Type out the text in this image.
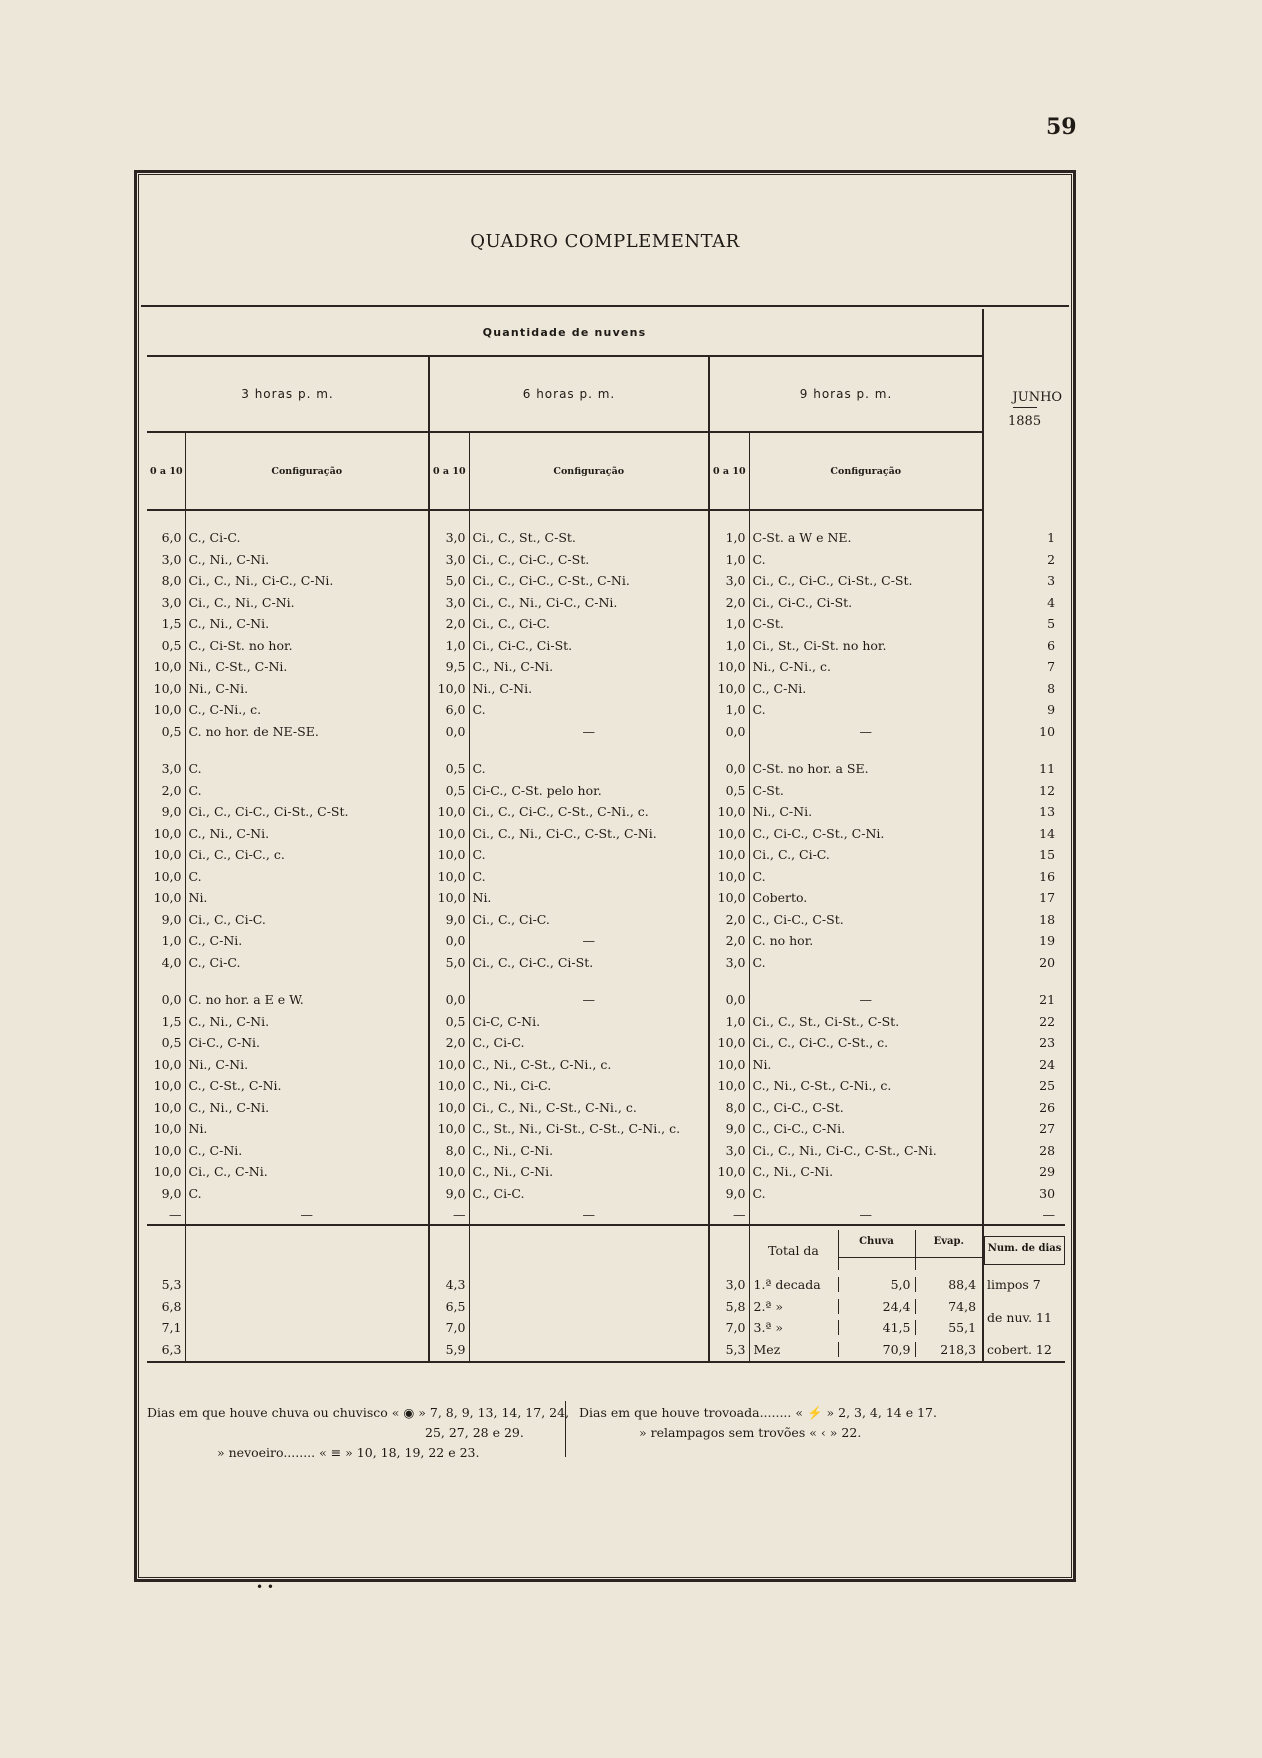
59
QUADRO COMPLEMENTAR
Quantidade de nuvens						JUNHO
1885
3 horas p. m.		6 horas p. m.		9 horas p. m.		
0 a 10	Configuração	0 a 10	Configuração	0 a 10	Configuração	

6,0	C., Ci-C.	3,0	Ci., C., St., C-St.	1,0	C-St. a W e NE.	1
3,0	C., Ni., C-Ni.	3,0	Ci., C., Ci-C., C-St.	1,0	C.	2
8,0	Ci., C., Ni., Ci-C., C-Ni.	5,0	Ci., C., Ci-C., C-St., C-Ni.	3,0	Ci., C., Ci-C., Ci-St., C-St.	3
3,0	Ci., C., Ni., C-Ni.	3,0	Ci., C., Ni., Ci-C., C-Ni.	2,0	Ci., Ci-C., Ci-St.	4
1,5	C., Ni., C-Ni.	2,0	Ci., C., Ci-C.	1,0	C-St.	5
0,5	C., Ci-St. no hor.	1,0	Ci., Ci-C., Ci-St.	1,0	Ci., St., Ci-St. no hor.	6
10,0	Ni., C-St., C-Ni.	9,5	C., Ni., C-Ni.	10,0	Ni., C-Ni., c.	7
10,0	Ni., C-Ni.	10,0	Ni., C-Ni.	10,0	C., C-Ni.	8
10,0	C., C-Ni., c.	6,0	C.	1,0	C.	9
0,5	C. no hor. de NE-SE.	0,0	—	0,0	—	10

3,0	C.	0,5	C.	0,0	C-St. no hor. a SE.	11
2,0	C.	0,5	Ci-C., C-St. pelo hor.	0,5	C-St.	12
9,0	Ci., C., Ci-C., Ci-St., C-St.	10,0	Ci., C., Ci-C., C-St., C-Ni., c.	10,0	Ni., C-Ni.	13
10,0	C., Ni., C-Ni.	10,0	Ci., C., Ni., Ci-C., C-St., C-Ni.	10,0	C., Ci-C., C-St., C-Ni.	14
10,0	Ci., C., Ci-C., c.	10,0	C.	10,0	Ci., C., Ci-C.	15
10,0	C.	10,0	C.	10,0	C.	16
10,0	Ni.	10,0	Ni.	10,0	Coberto.	17
9,0	Ci., C., Ci-C.	9,0	Ci., C., Ci-C.	2,0	C., Ci-C., C-St.	18
1,0	C., C-Ni.	0,0	—	2,0	C. no hor.	19
4,0	C., Ci-C.	5,0	Ci., C., Ci-C., Ci-St.	3,0	C.	20

0,0	C. no hor. a E e W.	0,0	—	0,0	—	21
1,5	C., Ni., C-Ni.	0,5	Ci-C, C-Ni.	1,0	Ci., C., St., Ci-St., C-St.	22
0,5	Ci-C., C-Ni.	2,0	C., Ci-C.	10,0	Ci., C., Ci-C., C-St., c.	23
10,0	Ni., C-Ni.	10,0	C., Ni., C-St., C-Ni., c.	10,0	Ni.	24
10,0	C., C-St., C-Ni.	10,0	C., Ni., Ci-C.	10,0	C., Ni., C-St., C-Ni., c.	25
10,0	C., Ni., C-Ni.	10,0	Ci., C., Ni., C-St., C-Ni., c.	8,0	C., Ci-C., C-St.	26
10,0	Ni.	10,0	C., St., Ni., Ci-St., C-St., C-Ni., c.	9,0	C., Ci-C., C-Ni.	27
10,0	C., C-Ni.	8,0	C., Ni., C-Ni.	3,0	Ci., C., Ni., Ci-C., C-St., C-Ni.	28
10,0	Ci., C., C-Ni.	10,0	C., Ni., C-Ni.	10,0	C., Ni., C-Ni.	29
9,0	C.	9,0	C., Ci-C.	9,0	C.	30
—	—	—	—	—	—	—

Total da
Chuva Evap.	Num. de dias

5,3		4,3		3,0	1.ª decada 5,0 88,4	limpos 7
6,8		6,5		5,8	2.ª » 24,4 74,8	de nuv. 11
7,1		7,0		7,0	3.ª » 41,5 55,1	

6,3		5,9		5,3	Mez 70,9 218,3	cobert. 12
Dias em que houve chuva ou chuvisco « ◉ » 7, 8, 9, 13, 14, 17, 24,
25, 27, 28 e 29.
» nevoeiro........ « ≡ » 10, 18, 19, 22 e 23.
Dias em que houve trovoada........ « ⚡ » 2, 3, 4, 14 e 17.
» relampagos sem trovões « ‹ » 22.
• •
